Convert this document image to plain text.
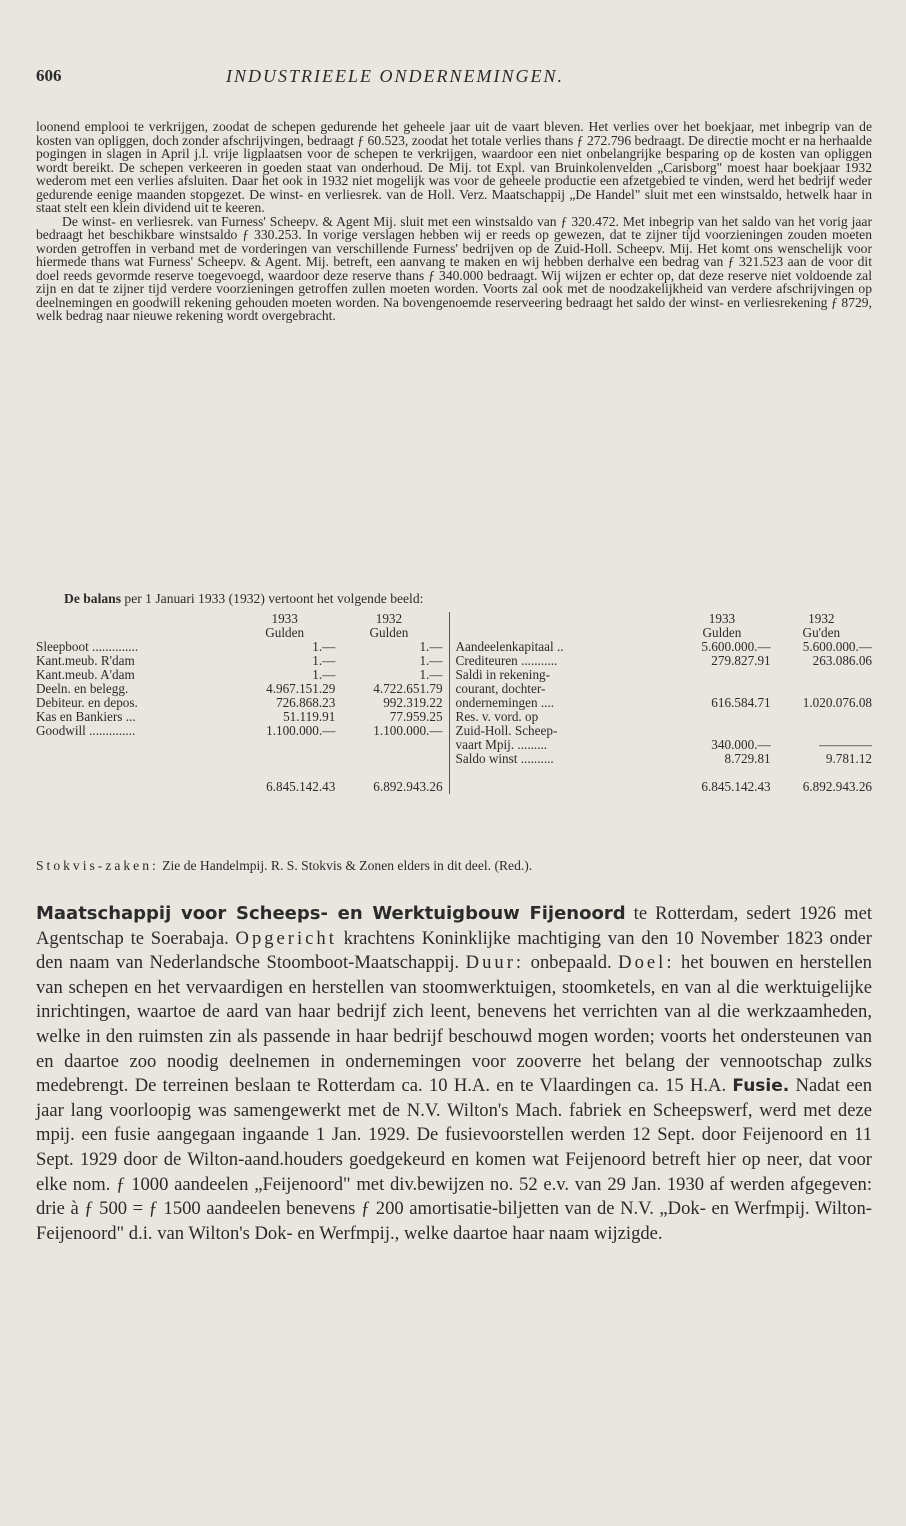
606	INDUSTRIEELE ONDERNEMINGEN.

loonend emplooi te verkrijgen, zoodat de schepen gedurende het geheele jaar uit de vaart bleven. Het verlies over het boekjaar, met inbegrip van de kosten van opliggen, doch zonder afschrijvingen, bedraagt ƒ 60.523, zoodat het totale verlies thans ƒ 272.796 bedraagt. De directie mocht er na herhaalde pogingen in slagen in April j.l. vrije ligplaatsen voor de schepen te verkrijgen, waardoor een niet onbelangrijke besparing op de kosten van opliggen wordt bereikt. De schepen verkeeren in goeden staat van onderhoud. De Mij. tot Expl. van Bruinkolenvelden „Carisborg" moest haar boekjaar 1932 wederom met een verlies afsluiten. Daar het ook in 1932 niet mogelijk was voor de geheele productie een afzetgebied te vinden, werd het bedrijf weder gedurende eenige maanden stopgezet. De winst- en verliesrek. van de Holl. Verz. Maatschappij „De Handel" sluit met een winstsaldo, hetwelk haar in staat stelt een klein dividend uit te keeren.

De winst- en verliesrek. van Furness' Scheepv. & Agent Mij. sluit met een winstsaldo van ƒ 320.472. Met inbegrip van het saldo van het vorig jaar bedraagt het beschikbare winstsaldo ƒ 330.253. In vorige verslagen hebben wij er reeds op gewezen, dat te zijner tijd voorzieningen zouden moeten worden getroffen in verband met de vorderingen van verschillende Furness' bedrijven op de Zuid-Holl. Scheepv. Mij. Het komt ons wenschelijk voor hiermede thans wat Furness' Scheepv. & Agent. Mij. betreft, een aanvang te maken en wij hebben derhalve een bedrag van ƒ 321.523 aan de voor dit doel reeds gevormde reserve toegevoegd, waardoor deze reserve thans ƒ 340.000 bedraagt. Wij wijzen er echter op, dat deze reserve niet voldoende zal zijn en dat te zijner tijd verdere voorzieningen getroffen zullen moeten worden. Voorts zal ook met de noodzakelijkheid van verdere afschrijvingen op deelnemingen en goodwill rekening gehouden moeten worden. Na bovengenoemde reserveering bedraagt het saldo der winst- en verliesrekening ƒ 8729, welk bedrag naar nieuwe rekening wordt overgebracht.

De balans per 1 Januari 1933 (1932) vertoont het volgende beeld:
	1933	1932		1933	1932
	Gulden	Gulden		Gulden	Gu'den
Sleepboot ..............	1.—	1.—	Aandeelenkapitaal ..	5.600.000.—	5.600.000.—
Kant.meub. R'dam	1.—	1.—	Crediteuren ...........	279.827.91	263.086.06
Kant.meub. A'dam	1.—	1.—	Saldi in rekening-		
Deeln. en belegg.	4.967.151.29	4.722.651.79	courant, dochter-		
Debiteur. en depos.	726.868.23	992.319.22	ondernemingen ....	616.584.71	1.020.076.08
Kas en Bankiers ...	51.119.91	77.959.25	Res. v. vord. op		
Goodwill ..............	1.100.000.—	1.100.000.—	Zuid-Holl. Scheep-		
			vaart Mpij. .........	340.000.—	————
			Saldo winst ..........	8.729.81	9.781.12

	6.845.142.43	6.892.943.26		6.845.142.43	6.892.943.26
Stokvis-zaken: Zie de Handelmpij. R. S. Stokvis & Zonen elders in dit deel. (Red.).

Maatschappij voor Scheeps- en Werktuigbouw Fijenoord te Rotterdam, sedert 1926 met Agentschap te Soerabaja. Opgericht krachtens Koninklijke machtiging van den 10 November 1823 onder den naam van Nederlandsche Stoomboot-Maatschappij. Duur: onbepaald. Doel: het bouwen en herstellen van schepen en het vervaardigen en herstellen van stoomwerktuigen, stoomketels, en van al die werktuigelijke inrichtingen, waartoe de aard van haar bedrijf zich leent, benevens het verrichten van al die werkzaamheden, welke in den ruimsten zin als passende in haar bedrijf beschouwd mogen worden; voorts het ondersteunen van en daartoe zoo noodig deelnemen in ondernemingen voor zooverre het belang der vennootschap zulks medebrengt. De terreinen beslaan te Rotterdam ca. 10 H.A. en te Vlaardingen ca. 15 H.A. Fusie. Nadat een jaar lang voorloopig was samengewerkt met de N.V. Wilton's Mach. fabriek en Scheepswerf, werd met deze mpij. een fusie aangegaan ingaande 1 Jan. 1929. De fusievoorstellen werden 12 Sept. door Feijenoord en 11 Sept. 1929 door de Wilton-aand.houders goedgekeurd en komen wat Feijenoord betreft hier op neer, dat voor elke nom. ƒ 1000 aandeelen „Feijenoord" met div.bewijzen no. 52 e.v. van 29 Jan. 1930 af werden afgegeven: drie à ƒ 500 = ƒ 1500 aandeelen benevens ƒ 200 amortisatie-biljetten van de N.V. „Dok- en Werfmpij. Wilton-Feijenoord" d.i. van Wilton's Dok- en Werfmpij., welke daartoe haar naam wijzigde.
